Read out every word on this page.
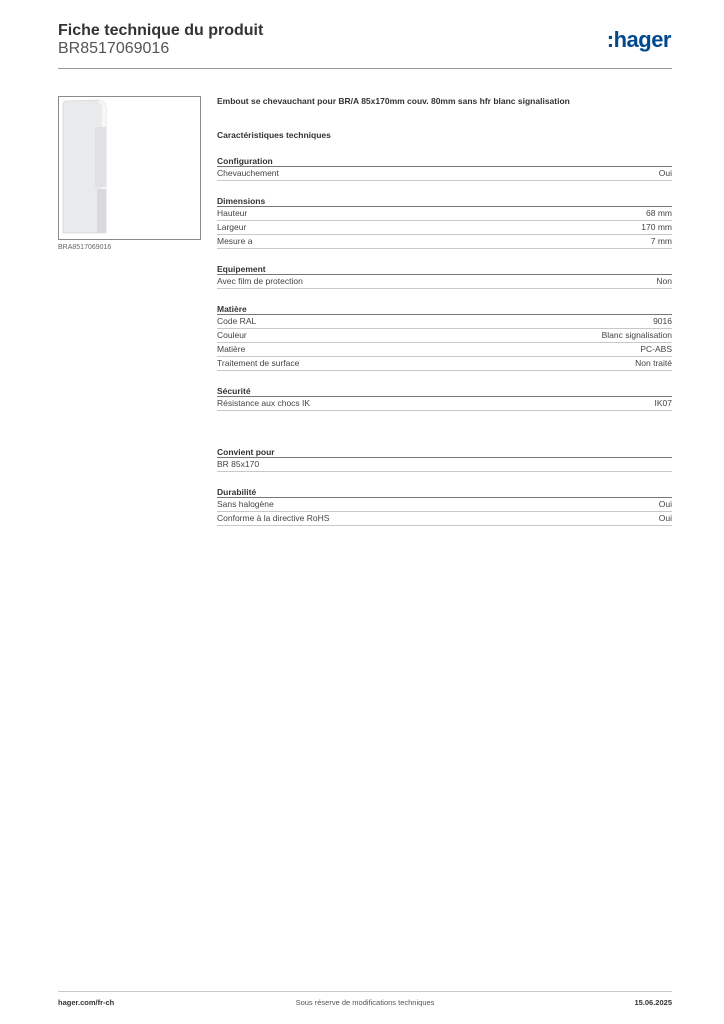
Fiche technique du produit
BR8517069016	:hager
BRA8517069016
Embout se chevauchant pour BR/A 85x170mm couv. 80mm sans hfr blanc signalisation
Caractéristiques techniques
Configuration
Chevauchement	Oui
Dimensions
Hauteur	68 mm
Largeur	170 mm
Mesure a	7 mm
Equipement
Avec film de protection	Non
Matière
Code RAL	9016
Couleur	Blanc signalisation
Matière	PC-ABS
Traitement de surface	Non traité
Sécurité
Résistance aux chocs IK	IK07
Convient pour
BR 85x170
Durabilité
Sans halogène	Oui
Conforme à la directive RoHS	Oui
hager.com/fr-ch	Sous réserve de modifications techniques	15.06.2025
